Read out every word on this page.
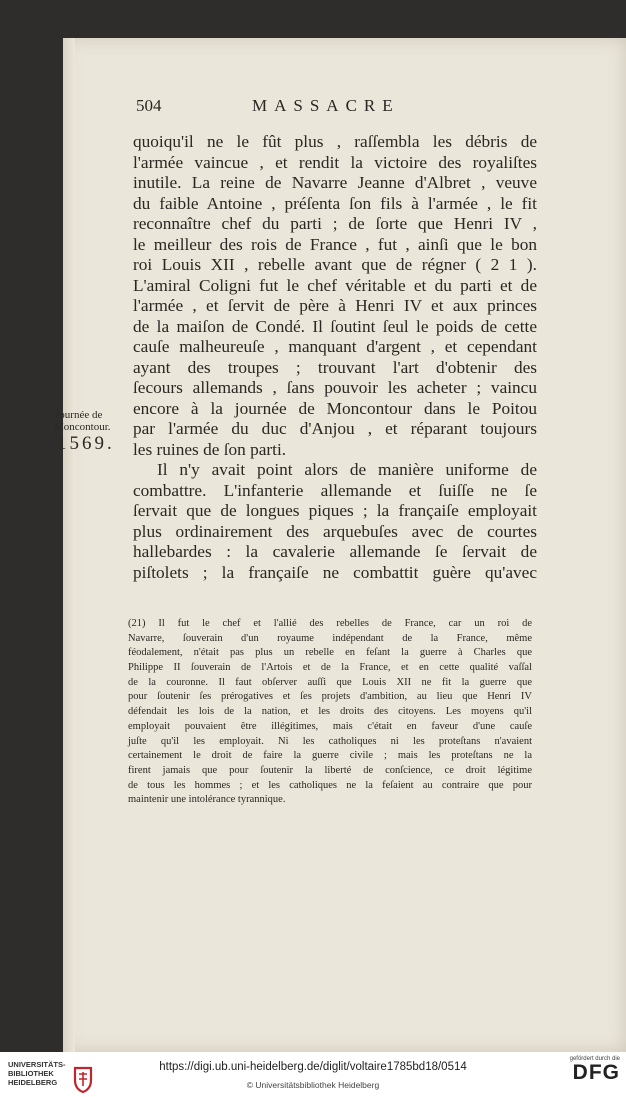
504	MASSACRE
quoiqu'il ne le fût plus , raſſembla les débris de
l'armée vaincue , et rendit la victoire des royaliſtes
inutile. La reine de Navarre Jeanne d'Albret , veuve
du faible Antoine , préſenta ſon fils à l'armée , le fit
reconnaître chef du parti ; de ſorte que Henri IV ,
le meilleur des rois de France , fut , ainſi que le bon
roi Louis XII , rebelle avant que de régner ( 2 1 ).
L'amiral Coligni fut le chef véritable et du parti et de
l'armée , et ſervit de père à Henri IV et aux princes
de la maiſon de Condé. Il ſoutint ſeul le poids de cette
cauſe malheureuſe , manquant d'argent , et cependant
ayant des troupes ; trouvant l'art d'obtenir des
ſecours allemands , ſans pouvoir les acheter ; vaincu
encore à la journée de Moncontour dans le Poitou
par l'armée du duc d'Anjou , et réparant toujours
les ruines de ſon parti.
Il n'y avait point alors de manière uniforme de
combattre. L'infanterie allemande et ſuiſſe ne ſe
ſervait que de longues piques ; la françaiſe employait
plus ordinairement des arquebuſes avec de courtes
hallebardes : la cavalerie allemande ſe ſervait de
piſtolets ; la françaiſe ne combattit guère qu'avec
Journée de
Moncontour.
1569.
(21) Il fut le chef et l'allié des rebelles de France, car un roi de
Navarre, ſouverain d'un royaume indépendant de la France, même
féodalement, n'était pas plus un rebelle en feſant la guerre à Charles que
Philippe II ſouverain de l'Artois et de la France, et en cette qualité vaſſal
de la couronne. Il faut obſerver auſſi que Louis XII ne fit la guerre que
pour ſoutenir ſes prérogatives et ſes projets d'ambition, au lieu que Henri IV
défendait les lois de la nation, et les droits des citoyens. Les moyens qu'il
employait pouvaient être illégitimes, mais c'était en faveur d'une cauſe
juſte qu'il les employait. Ni les catholiques ni les proteſtans n'avaient
certainement le droit de faire la guerre civile ; mais les proteſtans ne la
firent jamais que pour ſoutenir la liberté de conſcience, ce droit légitime
de tous les hommes ; et les catholiques ne la feſaient au contraire que pour
maintenir une intolérance tyrannique.
UNIVERSITÄTS-
BIBLIOTHEK
HEIDELBERG
https://digi.ub.uni-heidelberg.de/diglit/voltaire1785bd18/0514
© Universitätsbibliothek Heidelberg
gefördert durch die
DFG
